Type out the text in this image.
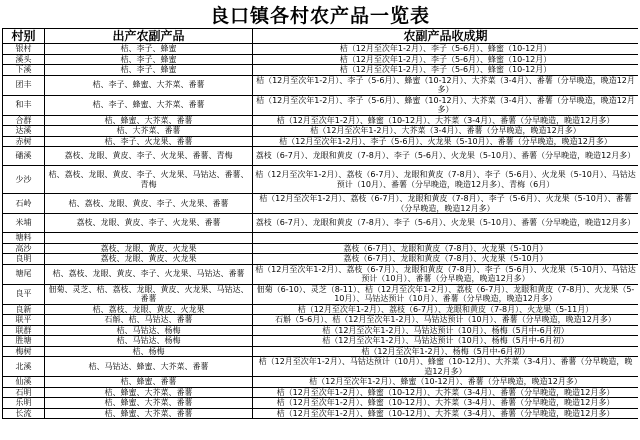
良口镇各村农产品一览表
村别	出产农副产品	农副产品收成期
银村	桔、李子、蜂蜜	桔（12月至次年1-2月）、李子（5-6月）、蜂蜜（10-12月）
溪头	桔、李子、蜂蜜	桔（12月至次年1-2月）、李子（5-6月）、蜂蜜（10-12月）
下溪	桔、李子、蜂蜜	桔（12月至次年1-2月）、李子（5-6月）、蜂蜜（10-12月）
团丰	桔、李子、蜂蜜、大芥菜、番薯	桔（12月至次年1-2月）、李子（5-6月）、蜂蜜（10-12月）、大芥菜（3-4月）、番薯（分早晚造，晚造12月多）
和丰	桔、李子、蜂蜜、大芥菜、番薯	桔（12月至次年1-2月）、李子（5-6月）、蜂蜜（10-12月）、大芥菜（3-4月）、番薯（分早晚造，晚造12月多）
合群	桔、蜂蜜、大芥菜、番薯	桔（12月至次年1-2月）、蜂蜜（10-12月）、大芥菜（3-4月）、番薯（分早晚造，晚造12月多）
达溪	桔、大芥菜、番薯	桔（12月至次年1-2月）、大芥菜（3-4月）、番薯（分早晚造，晚造12月多）
赤树	桔、李子、火龙果、番薯	桔（12月至次年1-2月）、李子（5-6月）、火龙果（5-10月）、番薯（分早晚造，晚造12月多）
磻溪	荔枝、龙眼、黄皮、李子、火龙果、番薯、青梅	荔枝（6-7月）、龙眼和黄皮（7-8月）、李子（5-6月）、火龙果（5-10月）、番薯（分早晚造，晚造12月多）
少沙	桔、荔枝、龙眼、黄皮、李子、火龙果、马钴达、番薯、青梅	桔（12月至次年1-2月）、荔枝（6-7月）、龙眼和黄皮（7-8月）、李子（5-6月）、火龙果（5-10月）、马钴达预计（10月）、番薯（分早晚造，晚造12月多）、青梅（6月）
石岭	桔、荔枝、龙眼、黄皮、李子、火龙果、番薯	桔（12月至次年1-2月）、荔枝（6-7月）、龙眼和黄皮（7-8月）、李子（5-6月）、火龙果（5-10月）、番薯（分早晚造，晚造12月多）
米埔	荔枝、龙眼、黄皮、李子、火龙果、番薯	荔枝（6-7月）、龙眼和黄皮（7-8月）、李子（5-6月）、火龙果（5-10月）、番薯（分早晚造，晚造12月多）
塘料		
高沙	荔枝、龙眼、黄皮、火龙果	荔枝（6-7月）、龙眼和黄皮（7-8月）、火龙果（5-10月）
良明	荔枝、龙眼、黄皮、火龙果	荔枝（6-7月）、龙眼和黄皮（7-8月）、火龙果（5-10月）
塘尾	桔、荔枝、龙眼、黄皮、李子、火龙果、马钴达、番薯	桔（12月至次年1-2月）、荔枝（6-7月）、龙眼和黄皮（7-8月）、李子（5-6月）、火龙果（5-10月）、马钴达预计（10月）、番薯（分早晚造，晚造12月多）
良平	佃菊、灵芝、桔、荔枝、龙眼、黄皮、火龙果、马钴达、番薯	佃菊（6-10）、灵芝（8-11）、桔（12月至次年1-2月）、荔枝（6-7月）、龙眼和黄皮（7-8月）、火龙果（5-10月）、马钴达预计（10月）、番薯（分早晚造，晚造12月多）
良新	桔、荔枝、龙眼、黄皮、火龙果	桔（12月至次年1-2月）、荔枝（6-7月）、龙眼和黄皮（7-8月）、火龙果（5-11月）
联平	石斛、桔、马钴达、番薯	石斛（5-6月）、桔（12月至次年1-2月）、马钴达预计（10月）、番薯（分早晚造，晚造12月多）
联群	桔、马钴达、杨梅	桔（12月至次年1-2月）、马钴达预计（10月）、杨梅（5月中-6月初）
胜塘	桔、马钴达、杨梅	桔（12月至次年1-2月）、马钴达预计（10月）、杨梅（5月中-6月初）
梅树	桔、杨梅	桔（12月至次年1-2月）、杨梅（5月中-6月初）
北溪	桔、马钴达、蜂蜜、大芥菜、番薯	桔（12月至次年1-2月）、马钴达预计（10月）、蜂蜜（10-12月）、大芥菜（3-4月）、番薯（分早晚造，晚造12月多）
仙溪	桔、蜂蜜、番薯	桔（12月至次年1-2月）、蜂蜜（10-12月）、番薯（分早晚造，晚造12月多）
石明	桔、蜂蜜、大芥菜、番薯	桔（12月至次年1-2月）、蜂蜜（10-12月）、大芥菜（3-4月）、番薯（分早晚造，晚造12月多）
乐明	桔、蜂蜜、大芥菜、番薯	桔（12月至次年1-2月）、蜂蜜（10-12月）、大芥菜（3-4月）、番薯（分早晚造，晚造12月多）
长流	桔、蜂蜜、大芥菜、番薯	桔（12月至次年1-2月）、蜂蜜（10-12月）、大芥菜（3-4月）、番薯（分早晚造，晚造12月多）
